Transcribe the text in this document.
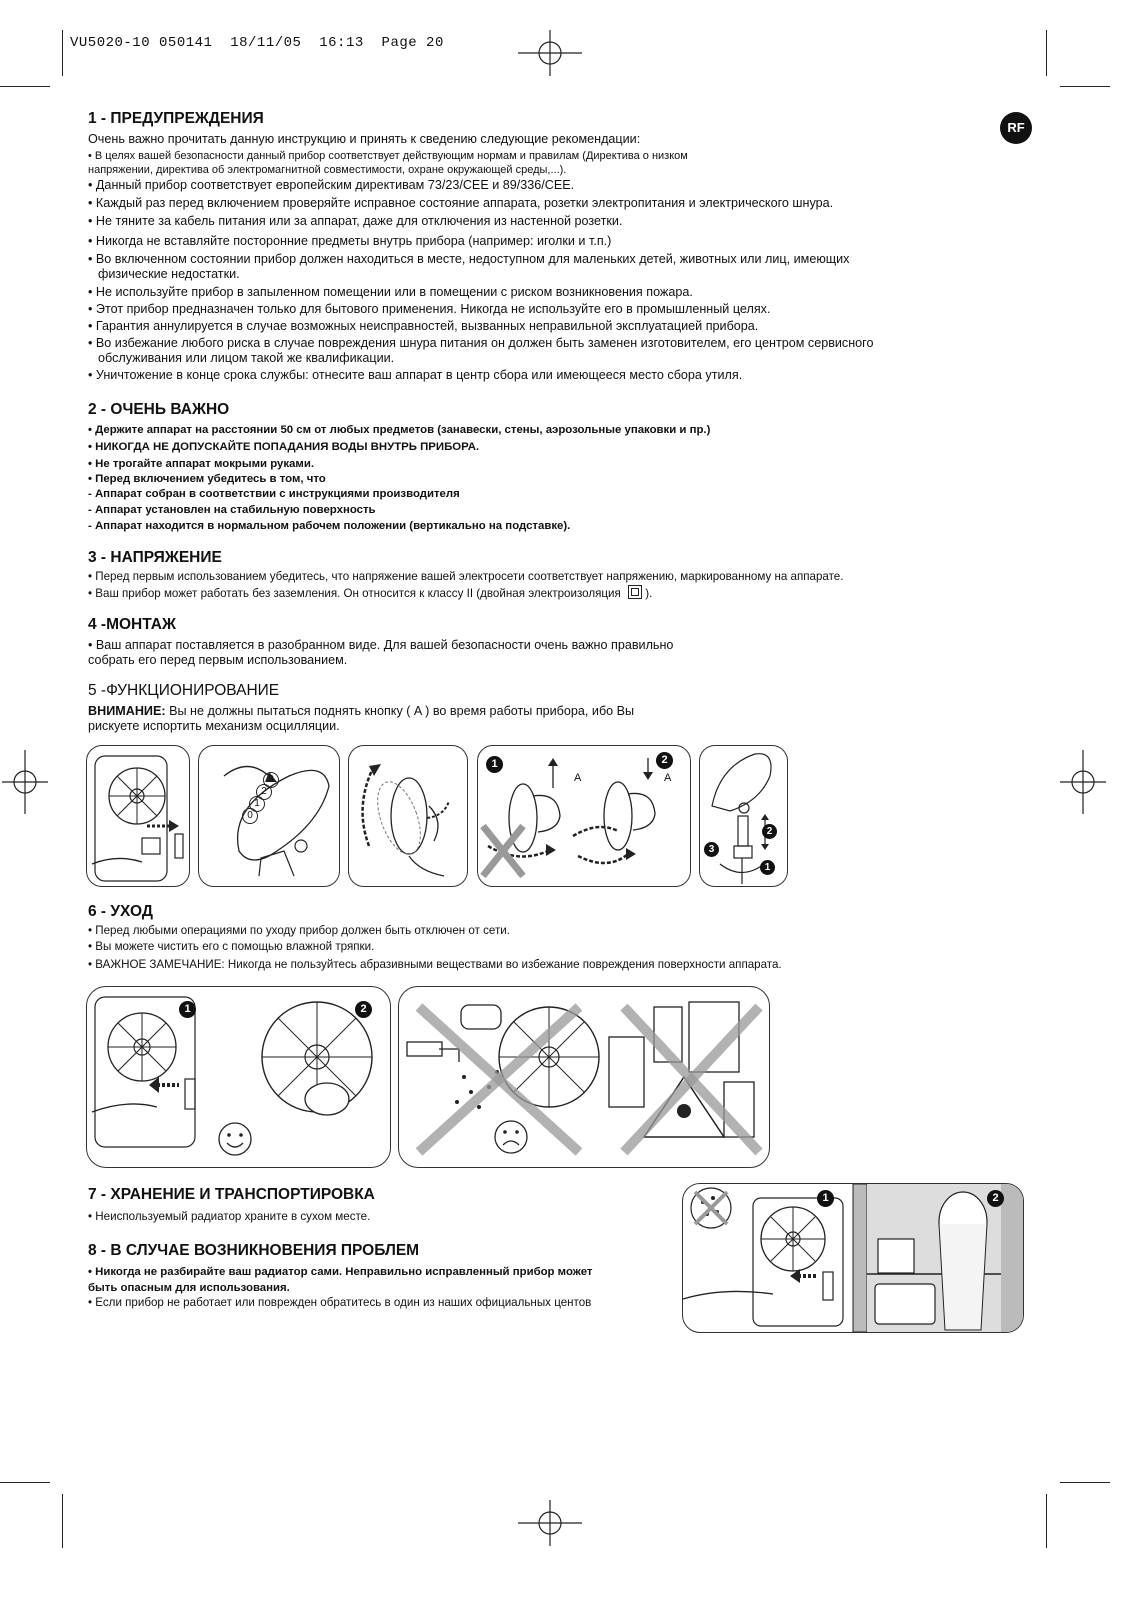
VU5020-10 050141  18/11/05  16:13  Page 20
RF
1 - ПРЕДУПРЕЖДЕНИЯ
Очень важно прочитать данную инструкцию и принять к сведению следующие рекомендации:
• В целях вашей безопасности данный прибор соответствует действующим нормам и правилам (Директива о низком
напряжении, директива об электромагнитной совместимости, охране окружающей среды,...).
• Данный прибор соответствует европейским директивам 73/23/CEE и 89/336/CEE.
• Каждый раз перед включением проверяйте исправное состояние аппарата, розетки электропитания и электрического шнура.
• Не тяните за кабель питания или за аппарат, даже для отключения из настенной розетки.
• Никогда не вставляйте посторонние предметы внутрь прибора (например: иголки и т.п.)
• Во включенном состоянии прибор должен находиться в месте, недоступном для маленьких детей, животных или лиц, имеющих
физические недостатки.
• Не используйте прибор в запыленном помещении или в помещении с риском возникновения пожара.
• Этот прибор предназначен только для бытового применения. Никогда не используйте его в промышленный целях.
• Гарантия аннулируется в случае возможных неисправностей, вызванных неправильной эксплуатацией прибора.
• Во избежание любого риска в случае повреждения шнура питания он должен быть заменен изготовителем, его центром сервисного
обслуживания или лицом такой же квалификации.
• Уничтожение в конце срока службы: отнесите ваш аппарат в центр сбора или имеющееся место сбора утиля.
2 - ОЧЕНЬ ВАЖНО
• Держите аппарат на расстоянии 50 см от любых предметов (занавески, стены, аэрозольные упаковки и пр.)
• НИКОГДА НЕ ДОПУСКАЙТЕ ПОПАДАНИЯ ВОДЫ ВНУТРЬ ПРИБОРА.
• Не трогайте аппарат мокрыми руками.
• Перед включением убедитесь в том, что
- Аппарат собран в соответствии с инструкциями производителя
- Аппарат установлен на стабильную поверхность
- Аппарат находится в нормальном рабочем положении (вертикально на подставке).
3 - НАПРЯЖЕНИЕ
• Перед первым использованием убедитесь, что напряжение вашей электросети соответствует напряжению, маркированному на аппарате.
• Ваш прибор может работать без заземления. Он относится к классу II (двойная электроизоляция
).
4 -МОНТАЖ
• Ваш аппарат поставляется в разобранном виде. Для вашей безопасности очень важно правильно
собрать его перед первым использованием.
5 -ФУНКЦИОНИРОВАНИЕ
ВНИМАНИЕ: Вы не должны пытаться поднять кнопку ( A ) во время работы прибора, ибо Вы
рискуете испортить механизм осцилляции.
3
2
1
0
1	2
A	A
2
3
1
6 - УХОД
• Перед любыми операциями по уходу прибор должен быть отключен от сети.
• Вы можете чистить его с помощью влажной тряпки.
• ВАЖНОЕ ЗАМЕЧАНИЕ: Никогда не пользуйтесь абразивными веществами во избежание повреждения поверхности аппарата.
1	2
7 - ХРАНЕНИЕ И ТРАНСПОРТИРОВКА
• Неиспользуемый радиатор храните в сухом месте.
8 - В СЛУЧАЕ ВОЗНИКНОВЕНИЯ ПРОБЛЕМ
• Никогда не разбирайте ваш радиатор сами. Неправильно исправленный прибор может
быть опасным для использования.
• Если прибор не работает или поврежден обратитесь в один из наших официальных центов
1	2
